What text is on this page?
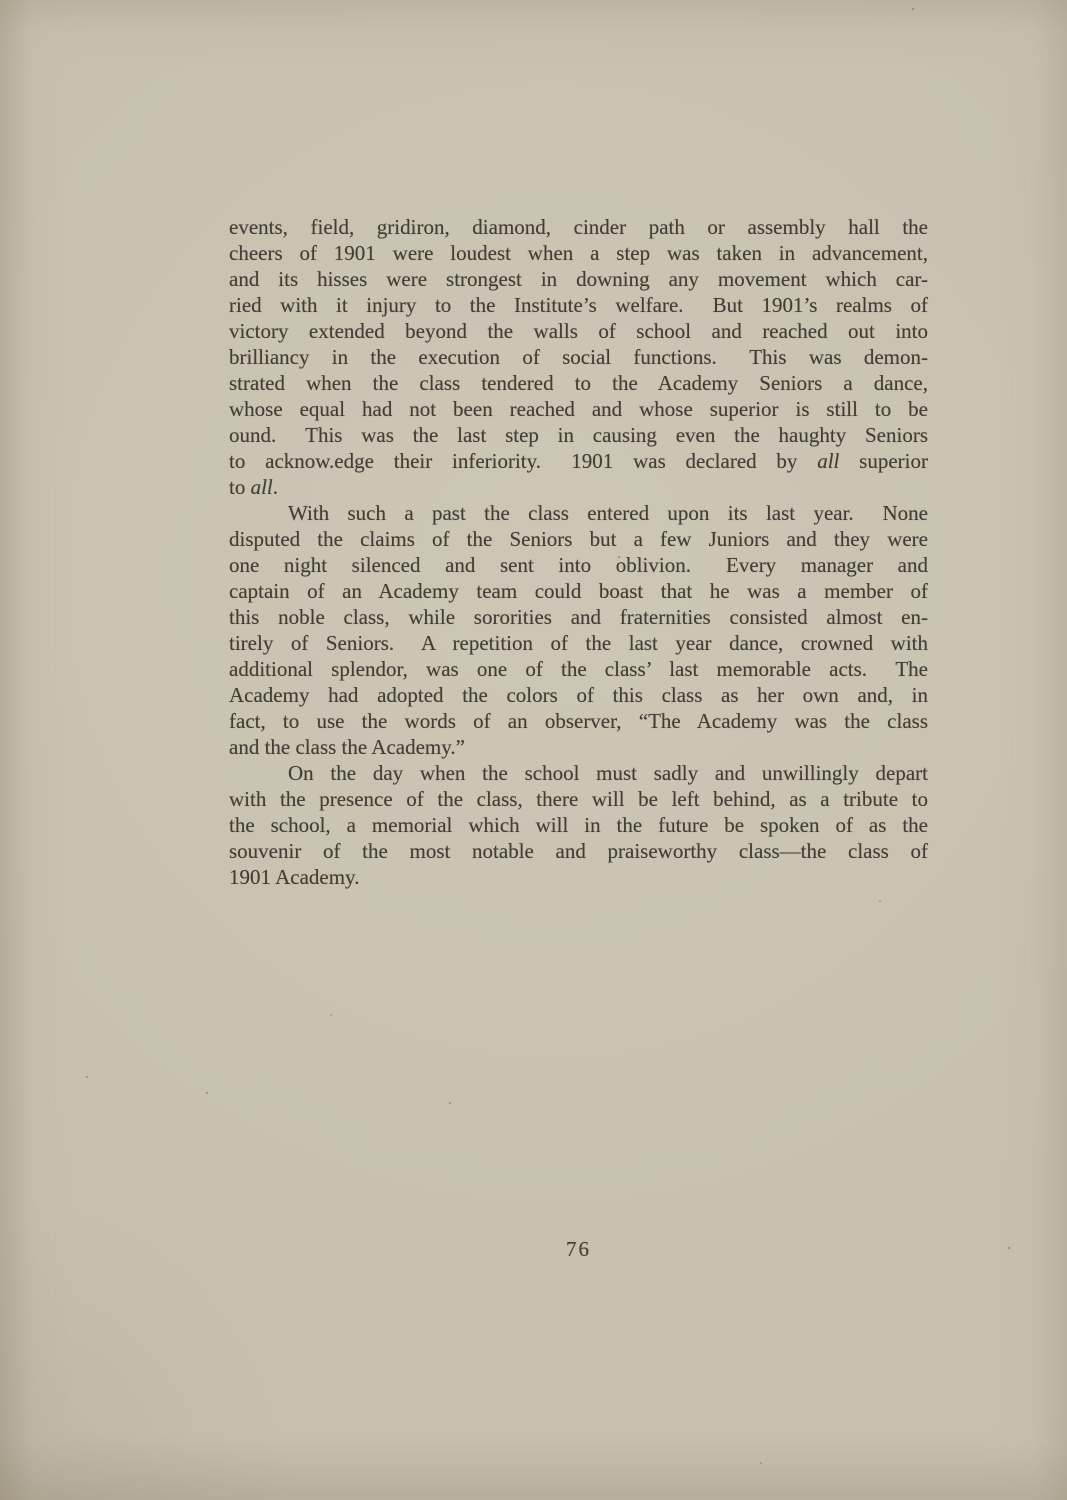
events, field, gridiron, diamond, cinder path or assembly hall the
cheers of 1901 were loudest when a step was taken in advancement,
and its hisses were strongest in downing any movement which car-
ried with it injury to the Institute’s welfare.  But 1901’s realms of
victory extended beyond the walls of school and reached out into
brilliancy in the execution of social functions.  This was demon-
strated when the class tendered to the Academy Seniors a dance,
whose equal had not been reached and whose superior is still to be
ound.  This was the last step in causing even the haughty Seniors
to acknow.edge their inferiority.  1901 was declared by all superior
to all.
With such a past the class entered upon its last year.  None
disputed the claims of the Seniors but a few Juniors and they were
one night silenced and sent into oblivion.  Every manager and
captain of an Academy team could boast that he was a member of
this noble class, while sororities and fraternities consisted almost en-
tirely of Seniors.  A repetition of the last year dance, crowned with
additional splendor, was one of the class’ last memorable acts.  The
Academy had adopted the colors of this class as her own and, in
fact, to use the words of an observer, “The Academy was the class
and the class the Academy.”
On the day when the school must sadly and unwillingly depart
with the presence of the class, there will be left behind, as a tribute to
the school, a memorial which will in the future be spoken of as the
souvenir of the most notable and praiseworthy class—the class of
1901 Academy.
76
